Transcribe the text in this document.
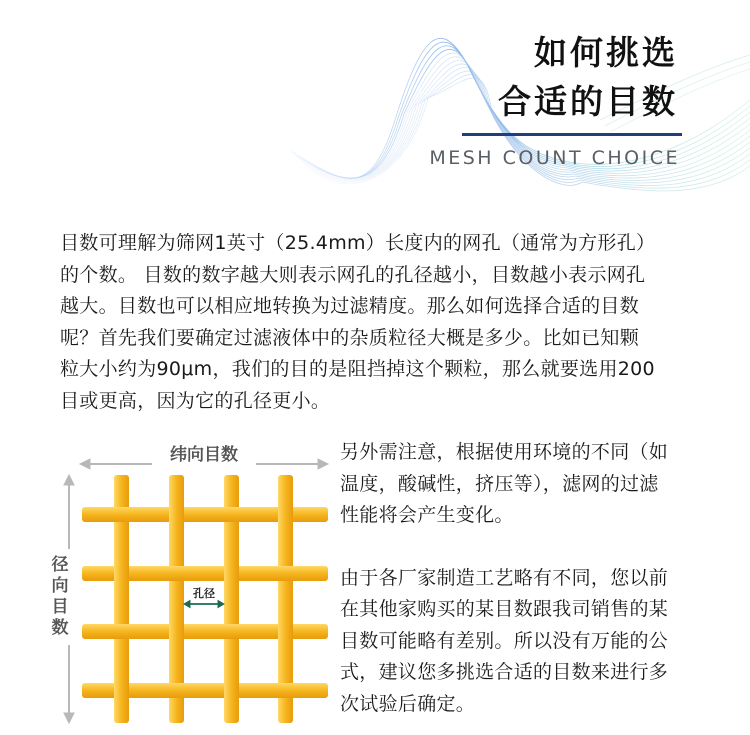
如何挑选
合适的目数
MESH COUNT CHOICE
目数可理解为筛网1英寸（25.4mm）长度内的网孔（通常为方形孔）
的个数。 目数的数字越大则表示网孔的孔径越小，目数越小表示网孔
越大。目数也可以相应地转换为过滤精度。那么如何选择合适的目数
呢？首先我们要确定过滤液体中的杂质粒径大概是多少。比如已知颗
粒大小约为90μm，我们的目的是阻挡掉这个颗粒，那么就要选用200
目或更高，因为它的孔径更小。
纬向目数
径向目数
孔径

另外需注意，根据使用环境的不同（如

温度，酸碱性，挤压等），滤网的过滤

性能将会产生变化。

由于各厂家制造工艺略有不同，您以前

在其他家购买的某目数跟我司销售的某

目数可能略有差别。所以没有万能的公

式，建议您多挑选合适的目数来进行多

次试验后确定。
